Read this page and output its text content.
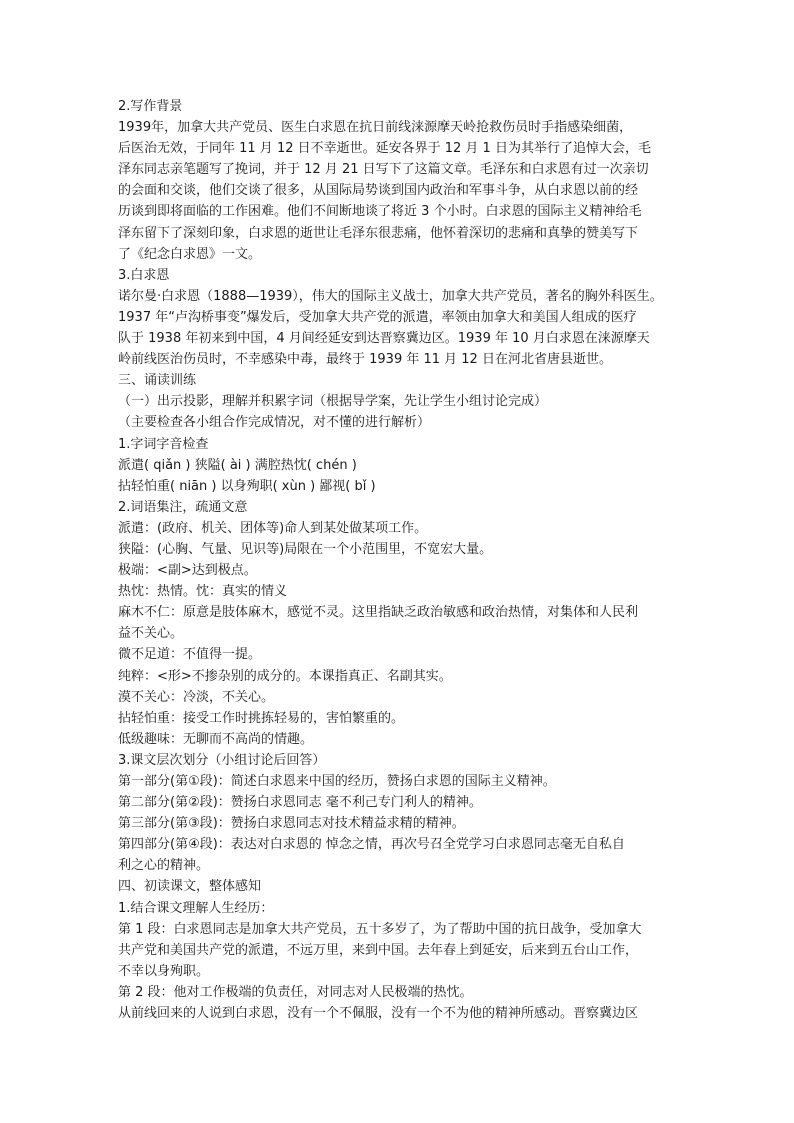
2.写作背景
1939年，加拿大共产党员、医生白求恩在抗日前线涞源摩天岭抢救伤员时手指感染细菌，
后医治无效，于同年 11 月 12 日不幸逝世。延安各界于 12 月 1 日为其举行了追悼大会，毛
泽东同志亲笔题写了挽词，并于 12 月 21 日写下了这篇文章。毛泽东和白求恩有过一次亲切
的会面和交谈，他们交谈了很多，从国际局势谈到国内政治和军事斗争，从白求恩以前的经
历谈到即将面临的工作困难。他们不间断地谈了将近 3 个小时。白求恩的国际主义精神给毛
泽东留下了深刻印象，白求恩的逝世让毛泽东很悲痛，他怀着深切的悲痛和真挚的赞美写下
了《纪念白求恩》一文。
3.白求恩
诺尔曼·白求恩（1888—1939），伟大的国际主义战士，加拿大共产党员，著名的胸外科医生。
1937 年“卢沟桥事变”爆发后，受加拿大共产党的派遣，率领由加拿大和美国人组成的医疗
队于 1938 年初来到中国，4 月间经延安到达晋察冀边区。1939 年 10 月白求恩在涞源摩天
岭前线医治伤员时，不幸感染中毒，最终于 1939 年 11 月 12 日在河北省唐县逝世。
三、诵读训练
（一）出示投影，理解并积累字词（根据导学案，先让学生小组讨论完成）
（主要检查各小组合作完成情况，对不懂的进行解析）
1.字词字音检查
派遣( qiǎn ) 狭隘( ài ) 满腔热忱( chén )
拈轻怕重( niān ) 以身殉职( xùn ) 鄙视( bǐ )
2.词语集注，疏通文意
派遣：(政府、机关、团体等)命人到某处做某项工作。
狭隘：(心胸、气量、见识等)局限在一个小范围里，不宽宏大量。
极端：<副>达到极点。
热忱：热情。忱：真实的情义
麻木不仁：原意是肢体麻木，感觉不灵。这里指缺乏政治敏感和政治热情，对集体和人民利
益不关心。
微不足道：不值得一提。
纯粹：<形>不掺杂别的成分的。本课指真正、名副其实。
漠不关心：冷淡，不关心。
拈轻怕重：接受工作时挑拣轻易的，害怕繁重的。
低级趣味：无聊而不高尚的情趣。
3.课文层次划分（小组讨论后回答）
第一部分(第①段)：简述白求恩来中国的经历，赞扬白求恩的国际主义精神。
第二部分(第②段)：赞扬白求恩同志 毫不利己专门利人的精神。
第三部分(第③段)：赞扬白求恩同志对技术精益求精的精神。
第四部分(第④段)：表达对白求恩的 悼念之情，再次号召全党学习白求恩同志毫无自私自
利之心的精神。
四、初读课文，整体感知
1.结合课文理解人生经历：
第 1 段：白求恩同志是加拿大共产党员，五十多岁了，为了帮助中国的抗日战争，受加拿大
共产党和美国共产党的派遣，不远万里，来到中国。去年春上到延安，后来到五台山工作，
不幸以身殉职。
第 2 段：他对工作极端的负责任，对同志对人民极端的热忱。
从前线回来的人说到白求恩，没有一个不佩服，没有一个不为他的精神所感动。晋察冀边区
